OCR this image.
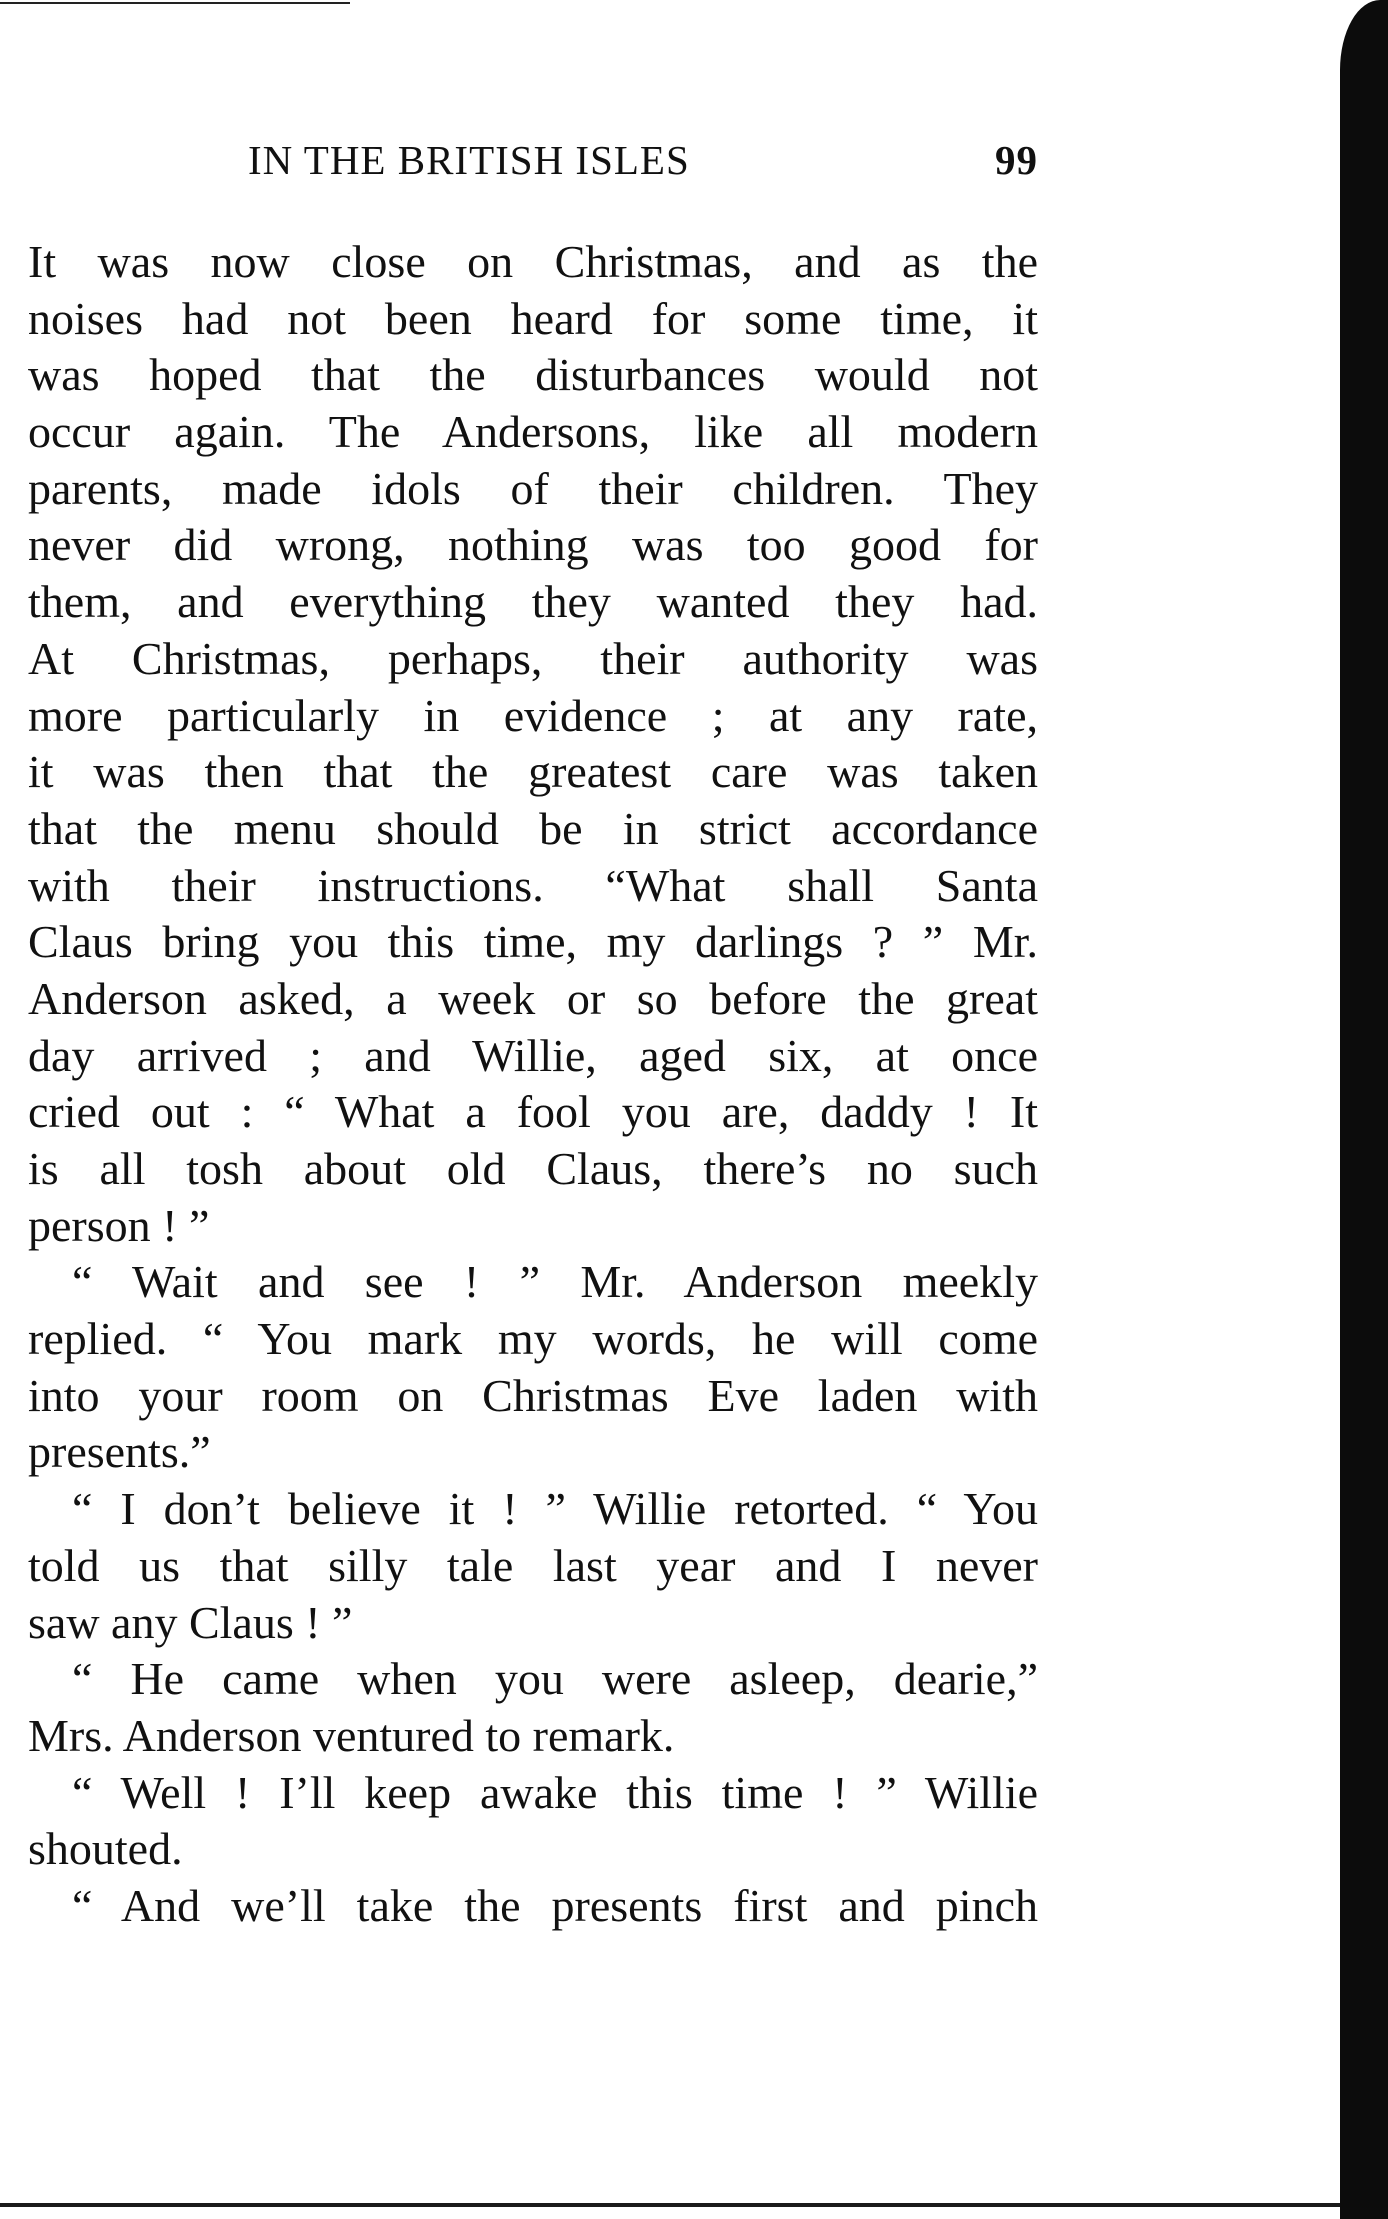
IN THE BRITISH ISLES	99
It was now close on Christmas, and as the
noises had not been heard for some time, it
was hoped that the disturbances would not
occur again. The Andersons, like all modern
parents, made idols of their children. They
never did wrong, nothing was too good for
them, and everything they wanted they had.
At Christmas, perhaps, their authority was
more particularly in evidence ; at any rate,
it was then that the greatest care was taken
that the menu should be in strict accordance
with their instructions. “What shall Santa
Claus bring you this time, my darlings ? ” Mr.
Anderson asked, a week or so before the great
day arrived ; and Willie, aged six, at once
cried out : “ What a fool you are, daddy ! It
is all tosh about old Claus, there’s no such
person ! ”
“ Wait and see ! ” Mr. Anderson meekly
replied. “ You mark my words, he will come
into your room on Christmas Eve laden with
presents.”
“ I don’t believe it ! ” Willie retorted. “ You
told us that silly tale last year and I never
saw any Claus ! ”
“ He came when you were asleep, dearie,”
Mrs. Anderson ventured to remark.
“ Well ! I’ll keep awake this time ! ” Willie
shouted.
“ And we’ll take the presents first and pinch
